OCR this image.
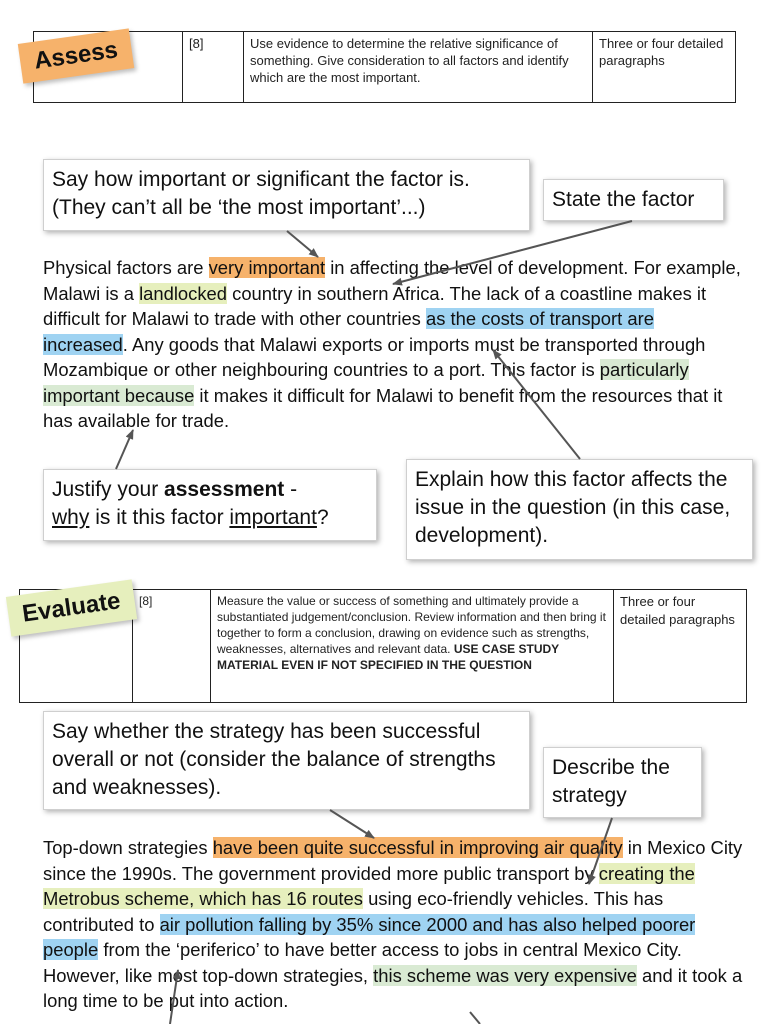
	[8]	Use evidence to determine the relative significance of something. Give consideration to all factors and identify which are the most important.	Three or four detailed paragraphs
Assess
Say how important or significant the factor is. (They can’t all be ‘the most important’...)	State the factor

Physical factors are very important in affecting the level of development. For example, Malawi is a landlocked country in southern Africa. The lack of a coastline makes it difficult for Malawi to trade with other countries as the costs of transport are increased. Any goods that Malawi exports or imports must be transported through Mozambique or other neighbouring countries to a port. This factor is particularly important because it makes it difficult for Malawi to benefit from the resources that it has available for trade.

Justify your assessment -
why is it this factor important?
Explain how this factor affects the issue in the question (in this case, development).
	[8]	Measure the value or success of something and ultimately provide a substantiated judgement/conclusion. Review information and then bring it together to form a conclusion, drawing on evidence such as strengths, weaknesses, alternatives and relevant data. USE CASE STUDY MATERIAL EVEN IF NOT SPECIFIED IN THE QUESTION	Three or four detailed paragraphs
Evaluate
Say whether the strategy has been successful overall or not (consider the balance of strengths and weaknesses).
Describe the strategy

Top-down strategies have been quite successful in improving air quality in Mexico City since the 1990s. The government provided more public transport by creating the Metrobus scheme, which has 16 routes using eco-friendly vehicles. This has contributed to air pollution falling by 35% since 2000 and has also helped poorer people from the ‘periferico’ to have better access to jobs in central Mexico City. However, like most top-down strategies, this scheme was very expensive and it took a long time to be put into action.
